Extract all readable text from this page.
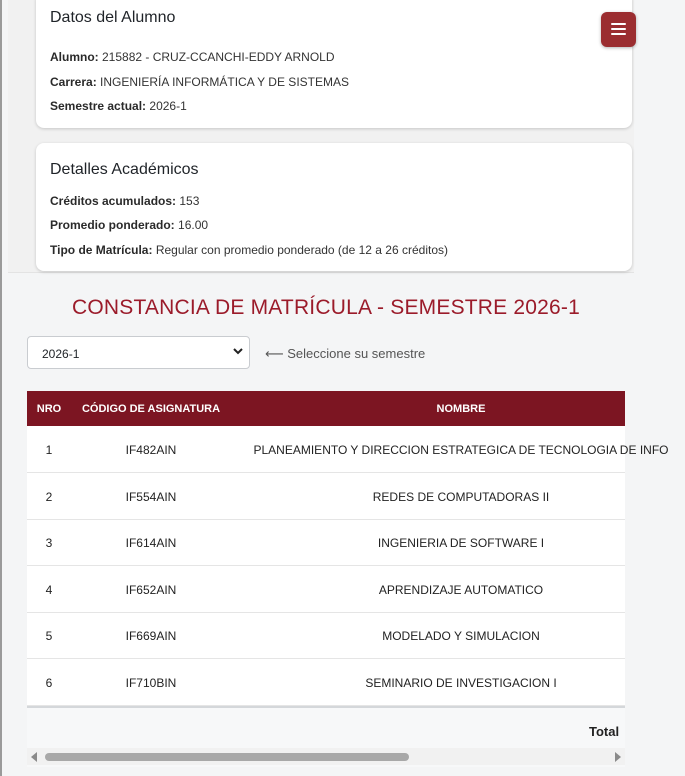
Datos del Alumno
Alumno: 215882 - CRUZ-CCANCHI-EDDY ARNOLD
Carrera: INGENIERÍA INFORMÁTICA Y DE SISTEMAS
Semestre actual: 2026-1
Detalles Académicos
Créditos acumulados: 153
Promedio ponderado: 16.00
Tipo de Matrícula: Regular con promedio ponderado (de 12 a 26 créditos)
CONSTANCIA DE MATRÍCULA - SEMESTRE 2026-1
2026-1	⟵ Seleccione su semestre
NRO	CÓDIGO DE ASIGNATURA	NOMBRE
1	IF482AIN	PLANEAMIENTO Y DIRECCION ESTRATEGICA DE TECNOLOGIA DE INFO
2	IF554AIN	REDES DE COMPUTADORAS II
3	IF614AIN	INGENIERIA DE SOFTWARE I
4	IF652AIN	APRENDIZAJE AUTOMATICO
5	IF669AIN	MODELADO Y SIMULACION
6	IF710BIN	SEMINARIO DE INVESTIGACION I
Total
